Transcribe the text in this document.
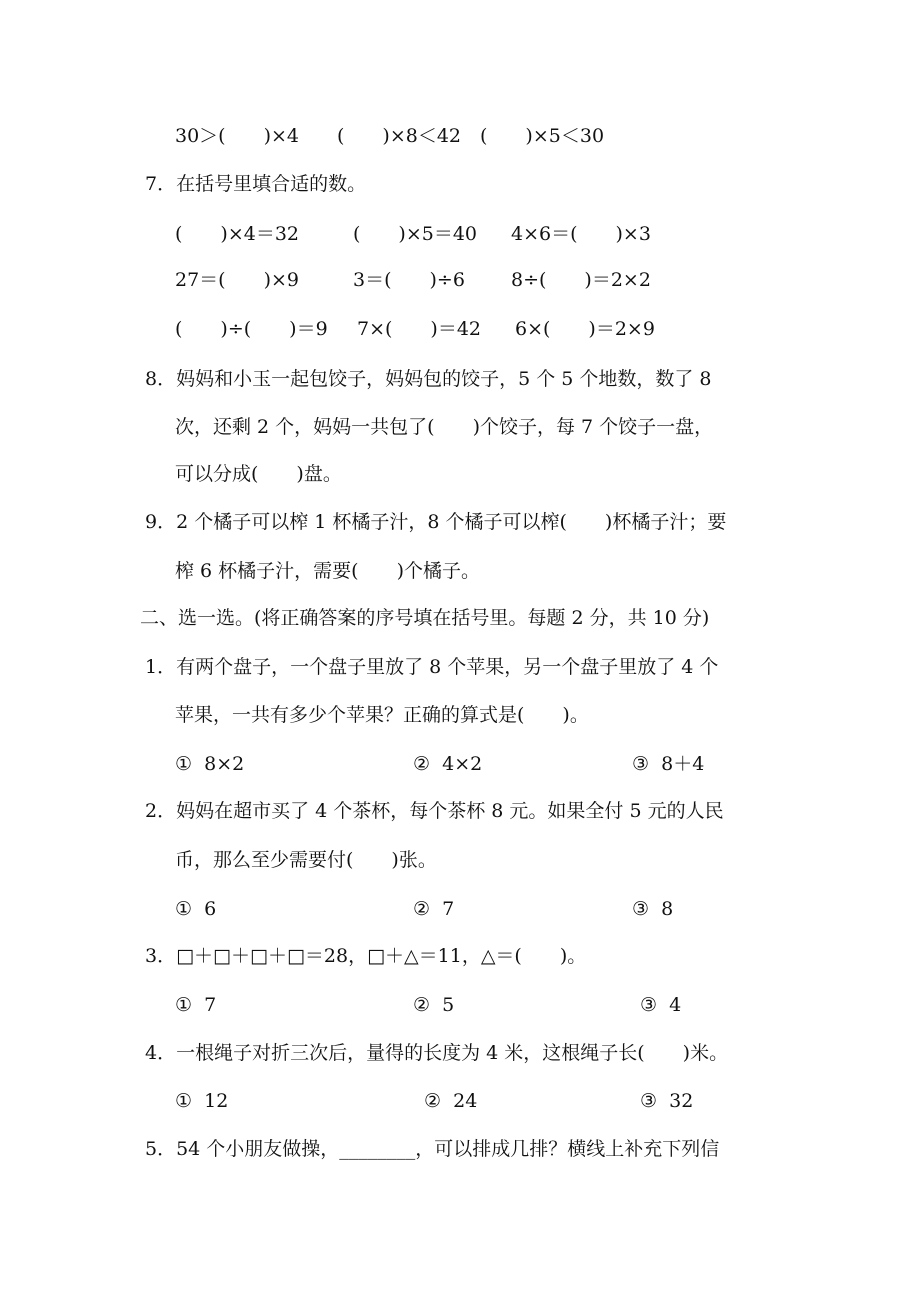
30＞(　　)×4　　(　　)×8＜42　(　　)×5＜30
7．在括号里填合适的数。
(　　)×4＝32	(　　)×5＝40 4×6＝(　　)×3
27＝(　　)×9	3＝(　　)÷6 8÷(　　)＝2×2
(　　)÷(　　)＝9 7×(　　)＝42 6×(　　)＝2×9
8．妈妈和小玉一起包饺子，妈妈包的饺子，5 个 5 个地数，数了 8
次，还剩 2 个，妈妈一共包了(　　)个饺子，每 7 个饺子一盘，
可以分成(　　)盘。
9．2 个橘子可以榨 1 杯橘子汁，8 个橘子可以榨(　　)杯橘子汁；要
榨 6 杯橘子汁，需要(　　)个橘子。
二、选一选。(将正确答案的序号填在括号里。每题 2 分，共 10 分)
1．有两个盘子，一个盘子里放了 8 个苹果，另一个盘子里放了 4 个
苹果，一共有多少个苹果？正确的算式是(　　)。
①  8×2	②  4×2	③  8＋4
2．妈妈在超市买了 4 个茶杯，每个茶杯 8 元。如果全付 5 元的人民
币，那么至少需要付(　　)张。
①  6	②  7	③  8
3．□＋□＋□＋□＝28，□＋△＝11，△＝(　　)。
①  7	②  5	③  4
4．一根绳子对折三次后，量得的长度为 4 米，这根绳子长(　　)米。
①  12	②  24	③  32
5．54 个小朋友做操，________，可以排成几排？横线上补充下列信
